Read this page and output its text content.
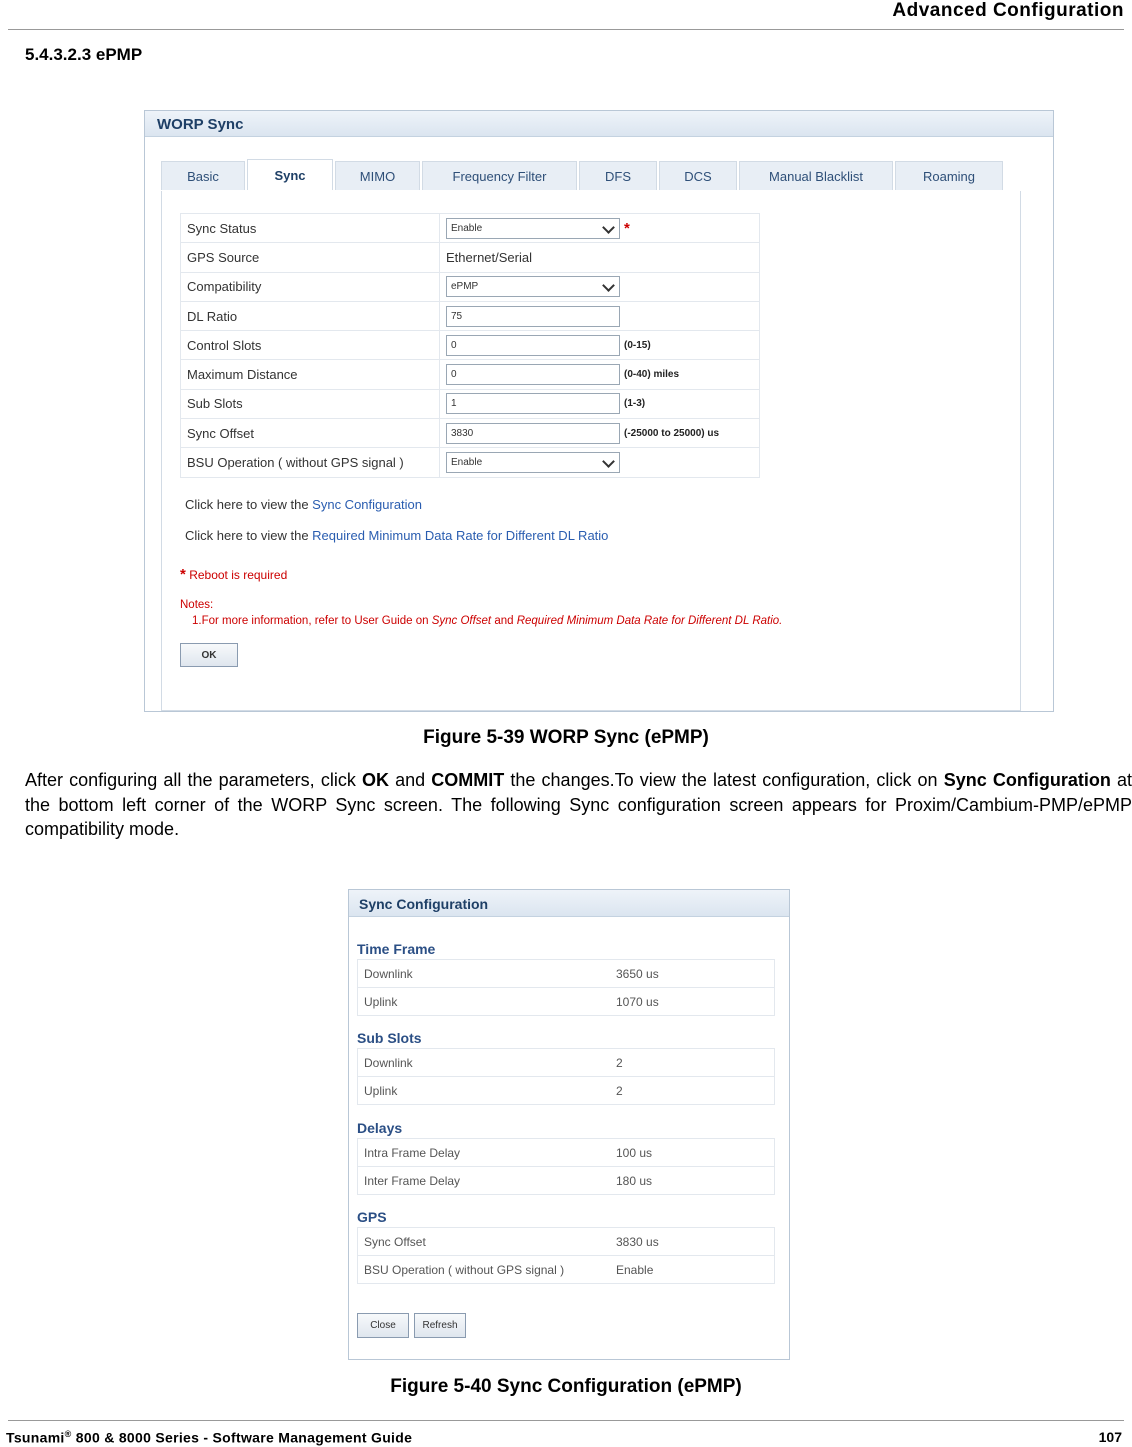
Advanced Configuration
5.4.3.2.3 ePMP
WORP Sync
Basic	Sync	MIMO	Frequency Filter	DFS	DCS	Manual Blacklist	Roaming
Sync Status	Enable *
GPS Source	Ethernet/Serial
Compatibility	ePMP
DL Ratio	75
Control Slots	0 (0-15)
Maximum Distance	0 (0-40) miles
Sub Slots	1 (1-3)
Sync Offset	3830 (-25000 to 25000) us
BSU Operation ( without GPS signal )	Enable
Click here to view the Sync Configuration
Click here to view the Required Minimum Data Rate for Different DL Ratio
* Reboot is required
Notes:
1.For more information, refer to User Guide on Sync Offset and Required Minimum Data Rate for Different DL Ratio.
OK
Figure 5-39 WORP Sync (ePMP)

After configuring all the parameters, click OK and COMMIT the changes.To view the latest configuration, click on Sync Configuration at the bottom left corner of the WORP Sync screen. The following Sync configuration screen appears for Proxim/Cambium-PMP/ePMP compatibility mode.

Sync Configuration
Time Frame
Downlink	3650 us
Uplink	1070 us
Sub Slots
Downlink	2
Uplink	2
Delays
Intra Frame Delay	100 us
Inter Frame Delay	180 us
GPS
Sync Offset	3830 us
BSU Operation ( without GPS signal )	Enable
Close	Refresh
Figure 5-40 Sync Configuration (ePMP)
Tsunami® 800 & 8000 Series - Software Management Guide	107
